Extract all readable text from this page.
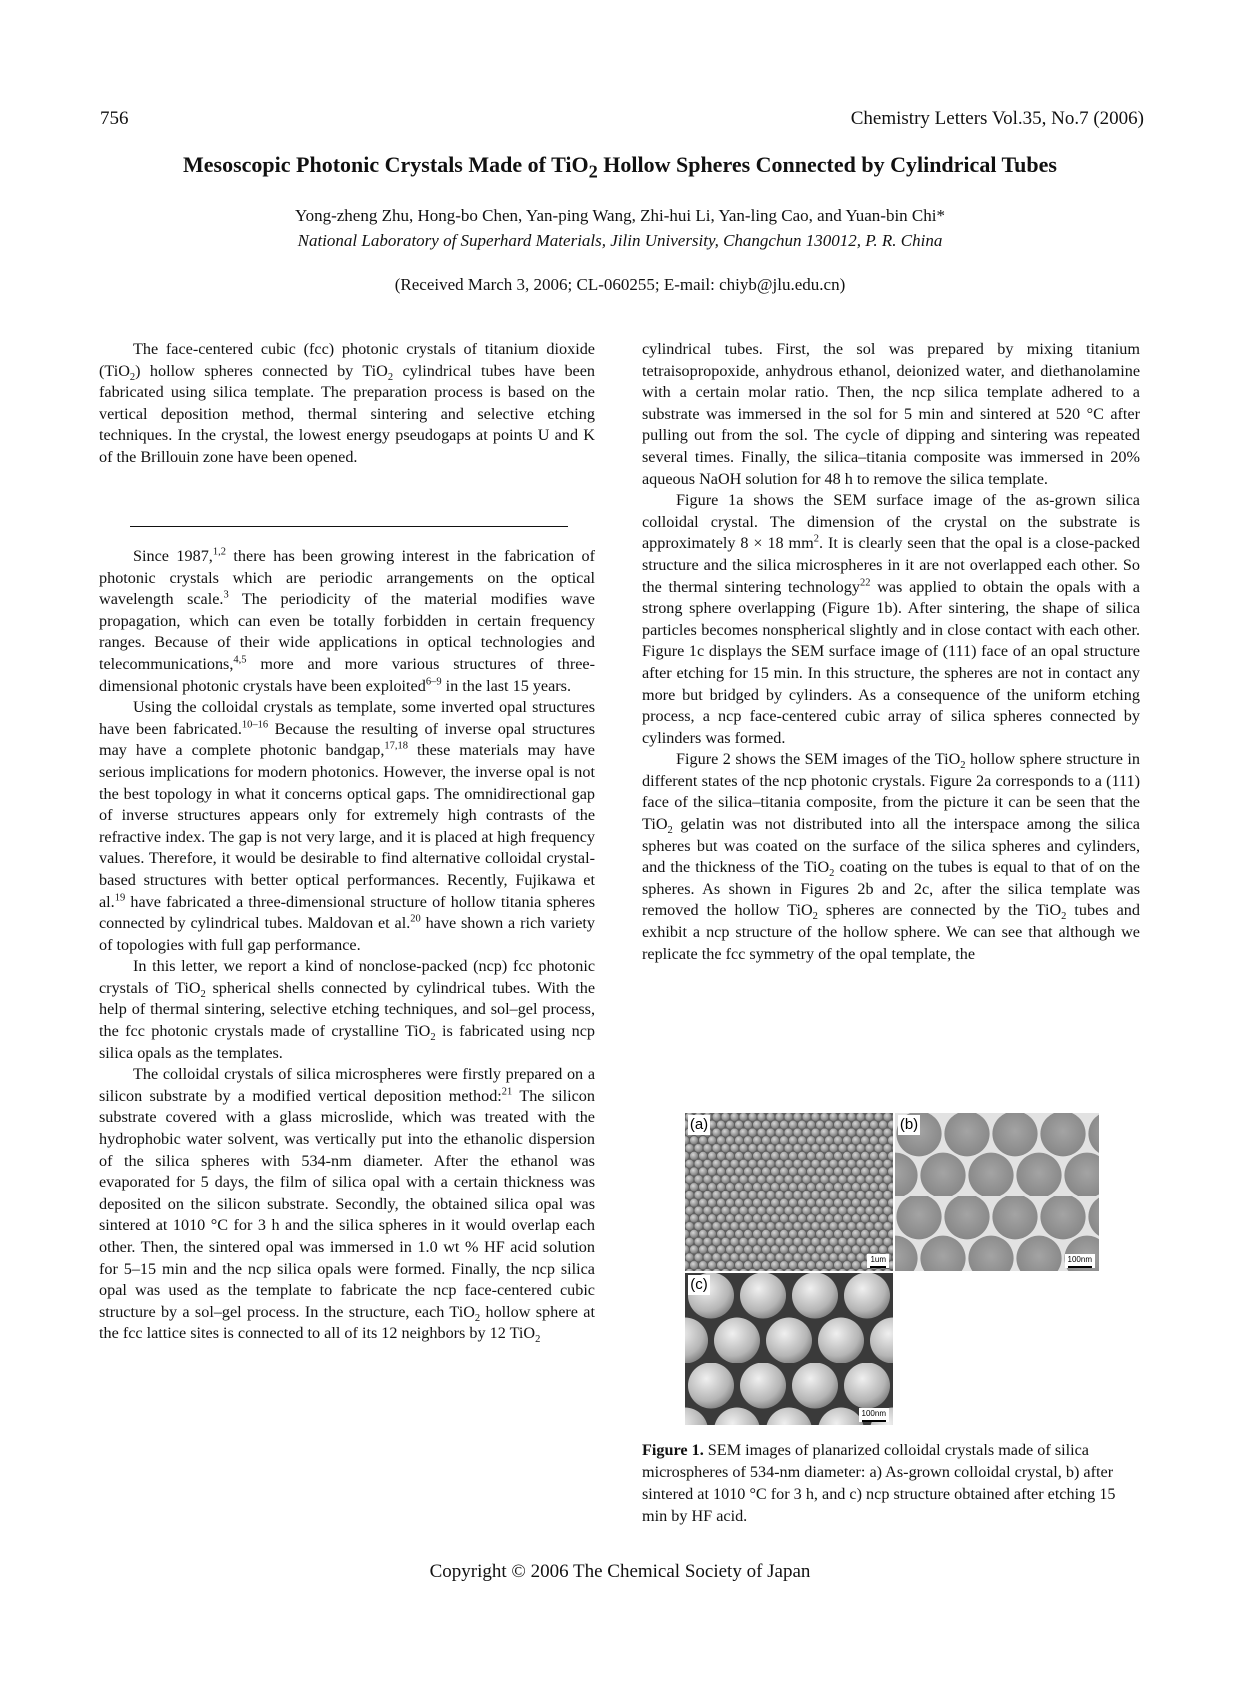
756	Chemistry Letters Vol.35, No.7 (2006)
Mesoscopic Photonic Crystals Made of TiO$_2$ Hollow Spheres Connected by Cylindrical Tubes
Yong-zheng Zhu, Hong-bo Chen, Yan-ping Wang, Zhi-hui Li, Yan-ling Cao, and Yuan-bin Chi*
National Laboratory of Superhard Materials, Jilin University, Changchun 130012, P. R. China
(Received March 3, 2006; CL-060255; E-mail: chiyb@jlu.edu.cn)

The face-centered cubic (fcc) photonic crystals of titanium dioxide (TiO$_2$) hollow spheres connected by TiO$_2$ cylindrical tubes have been fabricated using silica template. The preparation process is based on the vertical deposition method, thermal sintering and selective etching techniques. In the crystal, the lowest energy pseudogaps at points U and K of the Brillouin zone have been opened.

Since 1987,$^{1,2}$ there has been growing interest in the fabrication of photonic crystals which are periodic arrangements on the optical wavelength scale.$^3$ The periodicity of the material modifies wave propagation, which can even be totally forbidden in certain frequency ranges. Because of their wide applications in optical technologies and telecommunications,$^{4,5}$ more and more various structures of three-dimensional photonic crystals have been exploited$^{6-9}$ in the last 15 years.

Using the colloidal crystals as template, some inverted opal structures have been fabricated.$^{10-16}$ Because the resulting of inverse opal structures may have a complete photonic bandgap,$^{17,18}$ these materials may have serious implications for modern photonics. However, the inverse opal is not the best topology in what it concerns optical gaps. The omnidirectional gap of inverse structures appears only for extremely high contrasts of the refractive index. The gap is not very large, and it is placed at high frequency values. Therefore, it would be desirable to find alternative colloidal crystal-based structures with better optical performances. Recently, Fujikawa et al.$^{19}$ have fabricated a three-dimensional structure of hollow titania spheres connected by cylindrical tubes. Maldovan et al.$^{20}$ have shown a rich variety of topologies with full gap performance.

In this letter, we report a kind of nonclose-packed (ncp) fcc photonic crystals of TiO$_2$ spherical shells connected by cylindrical tubes. With the help of thermal sintering, selective etching techniques, and sol–gel process, the fcc photonic crystals made of crystalline TiO$_2$ is fabricated using ncp silica opals as the templates.

The colloidal crystals of silica microspheres were firstly prepared on a silicon substrate by a modified vertical deposition method:$^{21}$ The silicon substrate covered with a glass microslide, which was treated with the hydrophobic water solvent, was vertically put into the ethanolic dispersion of the silica spheres with 534-nm diameter. After the ethanol was evaporated for 5 days, the film of silica opal with a certain thickness was deposited on the silicon substrate. Secondly, the obtained silica opal was sintered at 1010 °C for 3 h and the silica spheres in it would overlap each other. Then, the sintered opal was immersed in 1.0 wt % HF acid solution for 5–15 min and the ncp silica opals were formed. Finally, the ncp silica opal was used as the template to fabricate the ncp face-centered cubic structure by a sol–gel process. In the structure, each TiO$_2$ hollow sphere at the fcc lattice sites is connected to all of its 12 neighbors by 12 TiO$_2$

cylindrical tubes. First, the sol was prepared by mixing titanium tetraisopropoxide, anhydrous ethanol, deionized water, and diethanolamine with a certain molar ratio. Then, the ncp silica template adhered to a substrate was immersed in the sol for 5 min and sintered at 520 °C after pulling out from the sol. The cycle of dipping and sintering was repeated several times. Finally, the silica–titania composite was immersed in 20% aqueous NaOH solution for 48 h to remove the silica template.

Figure 1a shows the SEM surface image of the as-grown silica colloidal crystal. The dimension of the crystal on the substrate is approximately 8 × 18 $mm^2$. It is clearly seen that the opal is a close-packed structure and the silica microspheres in it are not overlapped each other. So the thermal sintering technology$^{22}$ was applied to obtain the opals with a strong sphere overlapping (Figure 1b). After sintering, the shape of silica particles becomes nonspherical slightly and in close contact with each other. Figure 1c displays the SEM surface image of (111) face of an opal structure after etching for 15 min. In this structure, the spheres are not in contact any more but bridged by cylinders. As a consequence of the uniform etching process, a ncp face-centered cubic array of silica spheres connected by cylinders was formed.

Figure 2 shows the SEM images of the TiO$_2$ hollow sphere structure in different states of the ncp photonic crystals. Figure 2a corresponds to a (111) face of the silica–titania composite, from the picture it can be seen that the TiO$_2$ gelatin was not distributed into all the interspace among the silica spheres but was coated on the surface of the silica spheres and cylinders, and the thickness of the TiO$_2$ coating on the tubes is equal to that of on the spheres. As shown in Figures 2b and 2c, after the silica template was removed the hollow TiO$_2$ spheres are connected by the TiO$_2$ tubes and exhibit a ncp structure of the hollow sphere. We can see that although we replicate the fcc symmetry of the opal template, the

(a)
1um
(b)
100nm
(c)
100nm
Figure 1. SEM images of planarized colloidal crystals made of silica microspheres of 534-nm diameter: a) As-grown colloidal crystal, b) after sintered at 1010 °C for 3 h, and c) ncp structure obtained after etching 15 min by HF acid.
Copyright © 2006 The Chemical Society of Japan
